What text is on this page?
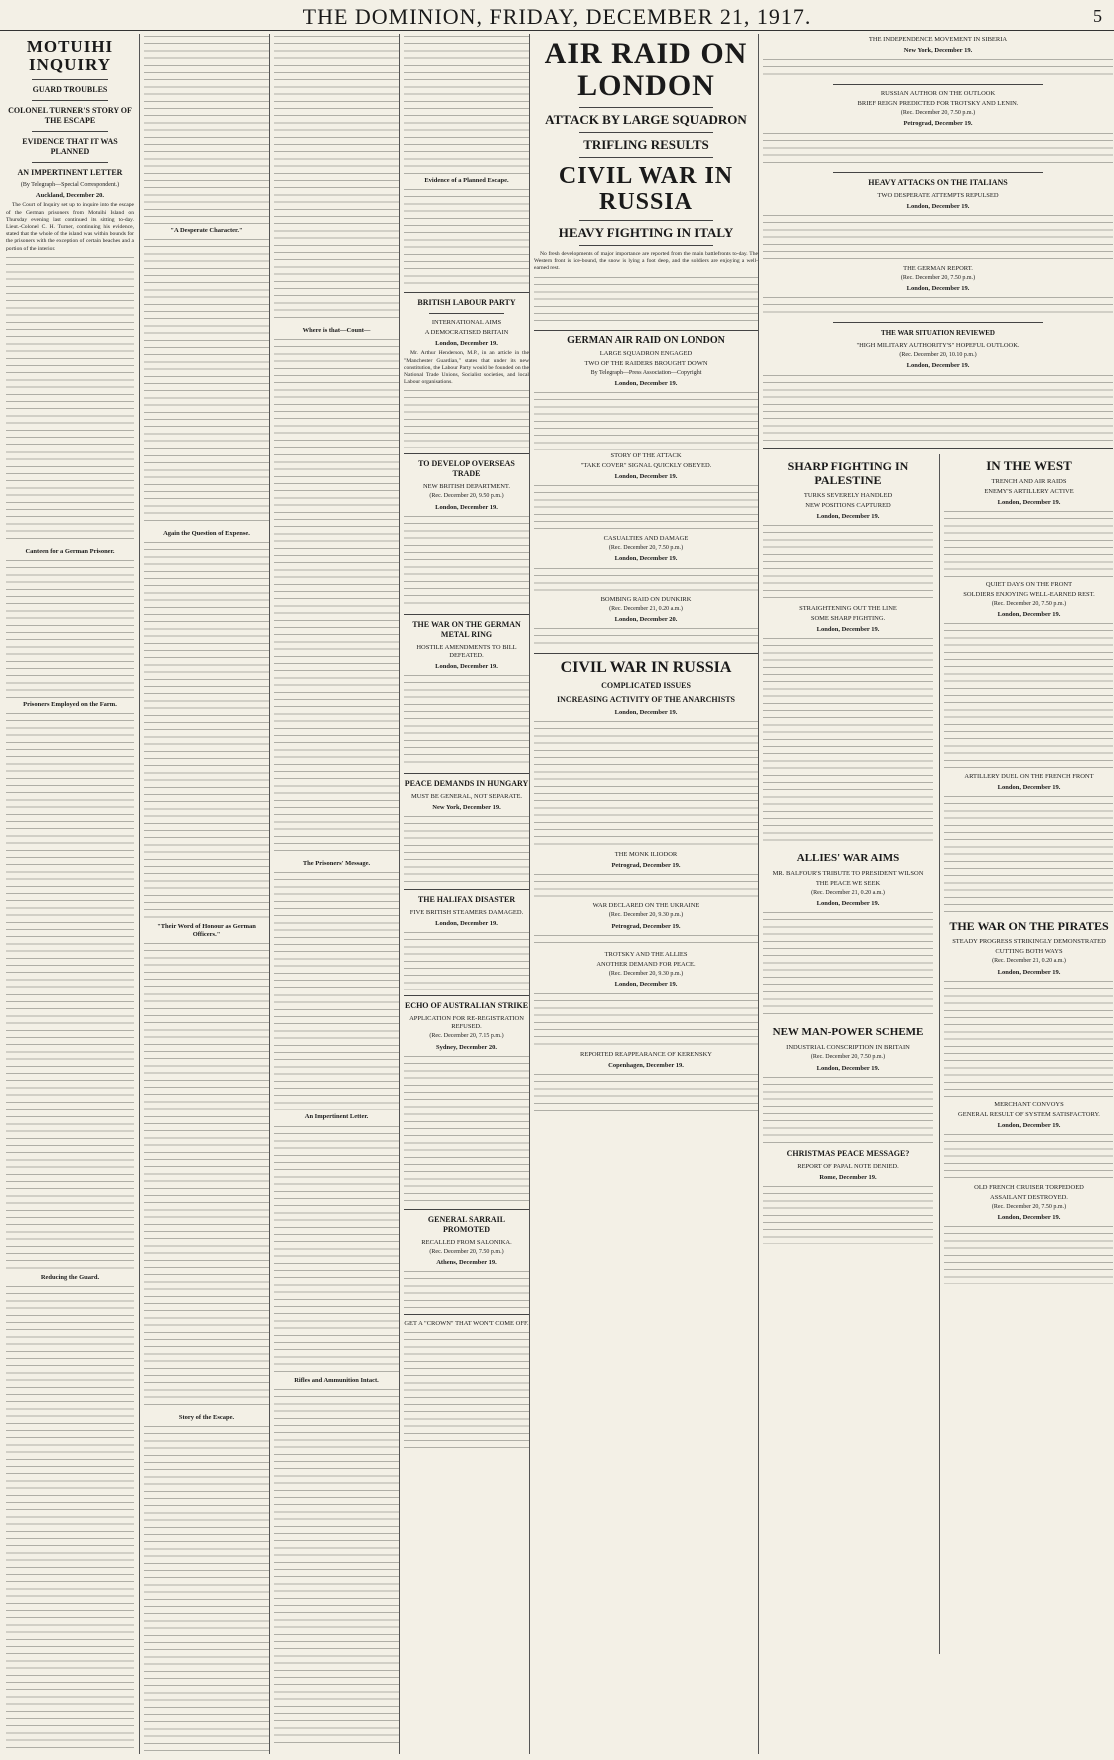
THE DOMINION, FRIDAY, DECEMBER 21, 1917.	5
MOTUIHI INQUIRY
GUARD TROUBLES
COLONEL TURNER'S STORY OF THE ESCAPE
EVIDENCE THAT IT WAS PLANNED
AN IMPERTINENT LETTER
(By Telegraph—Special Correspondent.)
Auckland, December 20.

The Court of Inquiry set up to inquire into the escape of the German prisoners from Motuihi Island on Thursday evening last continued its sitting to-day. Lieut.-Colonel C. H. Turner, continuing his evidence, stated that the whole of the island was within bounds for the prisoners with the exception of certain beaches and a portion of the interior.

Canteen for a German Prisoner.
Prisoners Employed on the Farm.
Reducing the Guard.
"A Desperate Character."
Again the Question of Expense.
"Their Word of Honour as German Officers."
Story of the Escape.
Where is that—Count—
The Prisoners' Message.
An Impertinent Letter.
Rifles and Ammunition Intact.
Evidence of a Planned Escape.
BRITISH LABOUR PARTY
INTERNATIONAL AIMS
A DEMOCRATISED BRITAIN
London, December 19.

Mr. Arthur Henderson, M.P., in an article in the "Manchester Guardian," states that under its new constitution, the Labour Party would be founded on the National Trade Unions, Socialist societies, and local Labour organisations.

TO DEVELOP OVERSEAS TRADE
NEW BRITISH DEPARTMENT.
(Rec. December 20, 9.50 p.m.)
London, December 19.
THE WAR ON THE GERMAN METAL RING
HOSTILE AMENDMENTS TO BILL DEFEATED.
London, December 19.
PEACE DEMANDS IN HUNGARY
MUST BE GENERAL, NOT SEPARATE.
New York, December 19.
THE HALIFAX DISASTER
FIVE BRITISH STEAMERS DAMAGED.
London, December 19.
ECHO OF AUSTRALIAN STRIKE
APPLICATION FOR RE-REGISTRATION REFUSED.
(Rec. December 20, 7.15 p.m.)
Sydney, December 20.
GENERAL SARRAIL PROMOTED
RECALLED FROM SALONIKA.
(Rec. December 20, 7.50 p.m.)
Athens, December 19.
GET A "CROWN" THAT WON'T COME OFF.
AIR RAID ON LONDON
ATTACK BY LARGE SQUADRON
TRIFLING RESULTS
CIVIL WAR IN RUSSIA
HEAVY FIGHTING IN ITALY

No fresh developments of major importance are reported from the main battlefronts to-day. The Western front is ice-bound, the snow is lying a foot deep, and the soldiers are enjoying a well-earned rest.

GERMAN AIR RAID ON LONDON
LARGE SQUADRON ENGAGED
TWO OF THE RAIDERS BROUGHT DOWN
By Telegraph—Press Association—Copyright
London, December 19.
STORY OF THE ATTACK
"TAKE COVER" SIGNAL QUICKLY OBEYED.
London, December 19.
CASUALTIES AND DAMAGE
(Rec. December 20, 7.50 p.m.)
London, December 19.
BOMBING RAID ON DUNKIRK
(Rec. December 21, 0.20 a.m.)
London, December 20.
CIVIL WAR IN RUSSIA
COMPLICATED ISSUES
INCREASING ACTIVITY OF THE ANARCHISTS
London, December 19.
THE MONK ILIODOR
Petrograd, December 19.
WAR DECLARED ON THE UKRAINE
(Rec. December 20, 9.30 p.m.)
Petrograd, December 19.
TROTSKY AND THE ALLIES
ANOTHER DEMAND FOR PEACE.
(Rec. December 20, 9.30 p.m.)
London, December 19.
REPORTED REAPPEARANCE OF KERENSKY
Copenhagen, December 19.
THE INDEPENDENCE MOVEMENT IN SIBERIA
New York, December 19.
RUSSIAN AUTHOR ON THE OUTLOOK
BRIEF REIGN PREDICTED FOR TROTSKY AND LENIN.
(Rec. December 20, 7.50 p.m.)
Petrograd, December 19.
HEAVY ATTACKS ON THE ITALIANS
TWO DESPERATE ATTEMPTS REPULSED
London, December 19.
THE GERMAN REPORT.
(Rec. December 20, 7.50 p.m.)
London, December 19.
THE WAR SITUATION REVIEWED
"HIGH MILITARY AUTHORITY'S" HOPEFUL OUTLOOK.
(Rec. December 20, 10.10 p.m.)
London, December 19.
SHARP FIGHTING IN PALESTINE
TURKS SEVERELY HANDLED
NEW POSITIONS CAPTURED
London, December 19.
STRAIGHTENING OUT THE LINE
SOME SHARP FIGHTING.
London, December 19.
ALLIES' WAR AIMS
MR. BALFOUR'S TRIBUTE TO PRESIDENT WILSON
THE PEACE WE SEEK
(Rec. December 21, 0.20 a.m.)
London, December 19.
NEW MAN-POWER SCHEME
INDUSTRIAL CONSCRIPTION IN BRITAIN
(Rec. December 20, 7.50 p.m.)
London, December 19.
CHRISTMAS PEACE MESSAGE?
REPORT OF PAPAL NOTE DENIED.
Rome, December 19.
IN THE WEST
TRENCH AND AIR RAIDS
ENEMY'S ARTILLERY ACTIVE
London, December 19.
QUIET DAYS ON THE FRONT
SOLDIERS ENJOYING WELL-EARNED REST.
(Rec. December 20, 7.50 p.m.)
London, December 19.
ARTILLERY DUEL ON THE FRENCH FRONT
London, December 19.
THE WAR ON THE PIRATES
STEADY PROGRESS STRIKINGLY DEMONSTRATED
CUTTING BOTH WAYS
(Rec. December 21, 0.20 a.m.)
London, December 19.
MERCHANT CONVOYS
GENERAL RESULT OF SYSTEM SATISFACTORY.
London, December 19.
OLD FRENCH CRUISER TORPEDOED
ASSAILANT DESTROYED.
(Rec. December 20, 7.50 p.m.)
London, December 19.
